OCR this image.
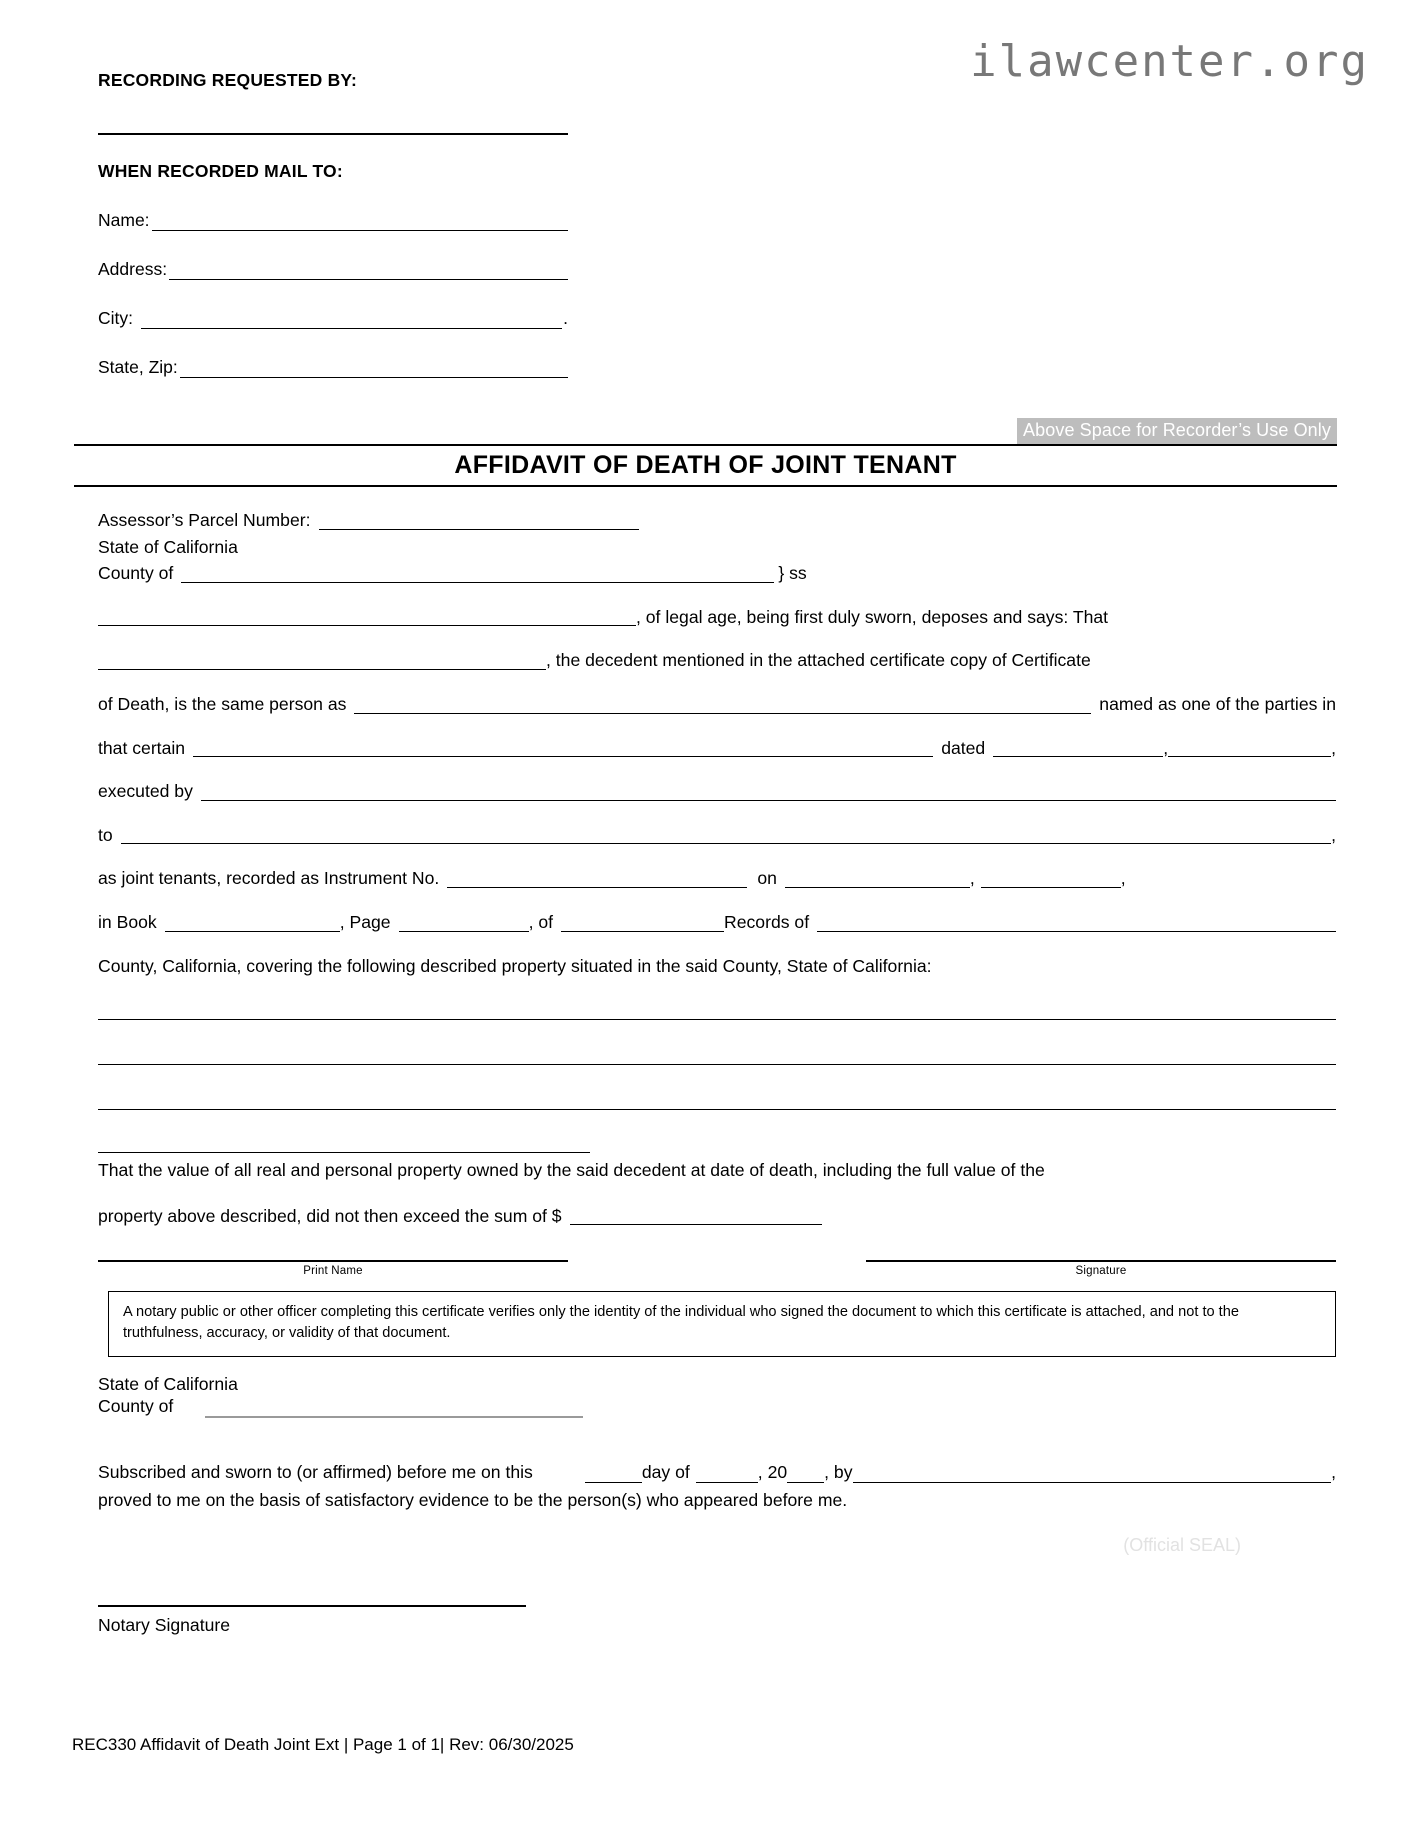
ilawcenter.org
RECORDING REQUESTED BY:
WHEN RECORDED MAIL TO:
Name:
Address:
City:	.
State, Zip:
Above Space for Recorder’s Use Only
AFFIDAVIT OF DEATH OF JOINT TENANT
Assessor’s Parcel Number:
State of California
County of	} ss
, of legal age, being first duly sworn, deposes and says: That
, the decedent mentioned in the attached certificate copy of Certificate
of Death, is the same person as	named as one of the parties in
that certain	dated	,	,
executed by
to	,
as joint tenants, recorded as Instrument No.	on	,	,
in Book	, Page	, of	Records of
County, California, covering the following described property situated in the said County, State of California:
That the value of all real and personal property owned by the said decedent at date of death, including the full value of the
property above described, did not then exceed the sum of $
Print Name	Signature

A notary public or other officer completing this certificate verifies only the identity of the individual who signed the document to which this certificate is attached, and not to the truthfulness, accuracy, or validity of that document.

State of California
County of
Subscribed and sworn to (or affirmed) before me on this	day of	, 20 , by	,
proved to me on the basis of satisfactory evidence to be the person(s) who appeared before me.
(Official SEAL)
Notary Signature
REC330 Affidavit of Death Joint Ext | Page 1 of 1| Rev: 06/30/2025
